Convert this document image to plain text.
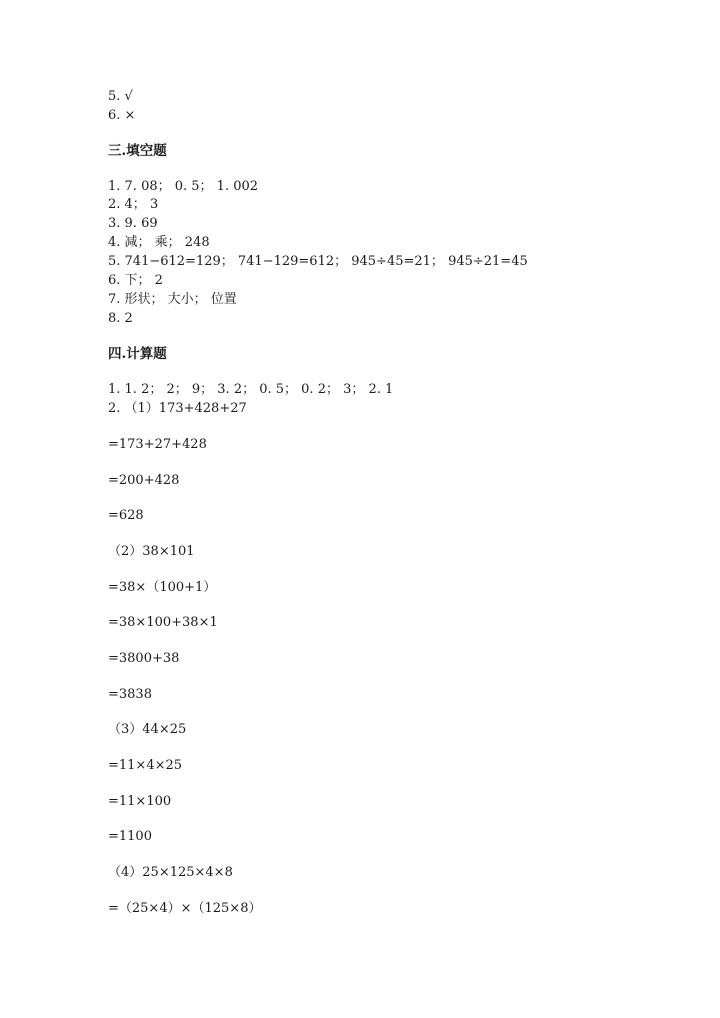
5. √
6. ×
三.填空题
1. 7. 08； 0. 5； 1. 002
2. 4； 3
3. 9. 69
4. 减； 乘； 248
5. 741−612=129； 741−129=612； 945÷45=21； 945÷21=45
6. 下； 2
7. 形状； 大小； 位置
8. 2
四.计算题
1. 1. 2； 2； 9； 3. 2； 0. 5； 0. 2； 3； 2. 1
2. （1）173+428+27
=173+27+428
=200+428
=628
（2）38×101
=38×（100+1）
=38×100+38×1
=3800+38
=3838
（3）44×25
=11×4×25
=11×100
=1100
（4）25×125×4×8
=（25×4）×（125×8）
